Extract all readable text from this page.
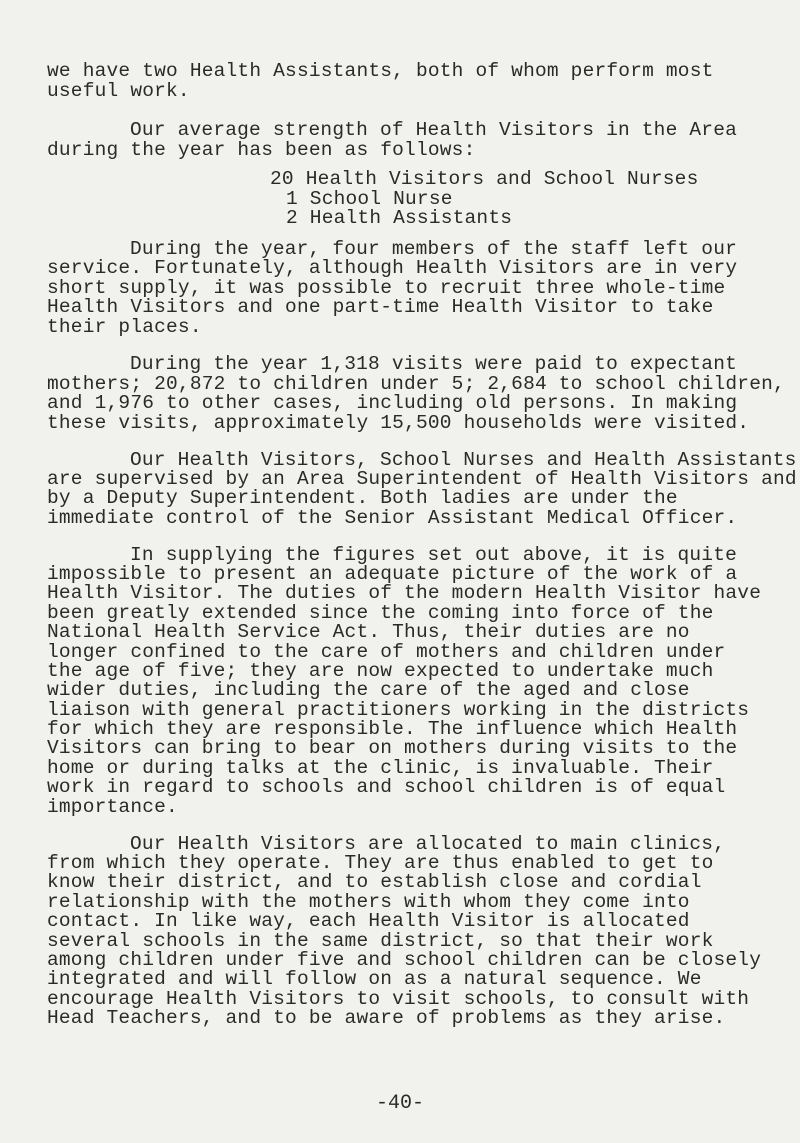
we have two Health Assistants, both of whom perform most
useful work.
Our average strength of Health Visitors in the Area
during the year has been as follows:
20 Health Visitors and School Nurses
1 School Nurse
2 Health Assistants
During the year, four members of the staff left our
service. Fortunately, although Health Visitors are in very
short supply, it was possible to recruit three whole-time
Health Visitors and one part-time Health Visitor to take
their places.
During the year 1,318 visits were paid to expectant
mothers; 20,872 to children under 5; 2,684 to school children,
and 1,976 to other cases, including old persons. In making
these visits, approximately 15,500 households were visited.
Our Health Visitors, School Nurses and Health Assistants
are supervised by an Area Superintendent of Health Visitors and
by a Deputy Superintendent. Both ladies are under the
immediate control of the Senior Assistant Medical Officer.
In supplying the figures set out above, it is quite
impossible to present an adequate picture of the work of a
Health Visitor. The duties of the modern Health Visitor have
been greatly extended since the coming into force of the
National Health Service Act. Thus, their duties are no
longer confined to the care of mothers and children under
the age of five; they are now expected to undertake much
wider duties, including the care of the aged and close
liaison with general practitioners working in the districts
for which they are responsible. The influence which Health
Visitors can bring to bear on mothers during visits to the
home or during talks at the clinic, is invaluable. Their
work in regard to schools and school children is of equal
importance.
Our Health Visitors are allocated to main clinics,
from which they operate. They are thus enabled to get to
know their district, and to establish close and cordial
relationship with the mothers with whom they come into
contact. In like way, each Health Visitor is allocated
several schools in the same district, so that their work
among children under five and school children can be closely
integrated and will follow on as a natural sequence. We
encourage Health Visitors to visit schools, to consult with
Head Teachers, and to be aware of problems as they arise.
-40-
